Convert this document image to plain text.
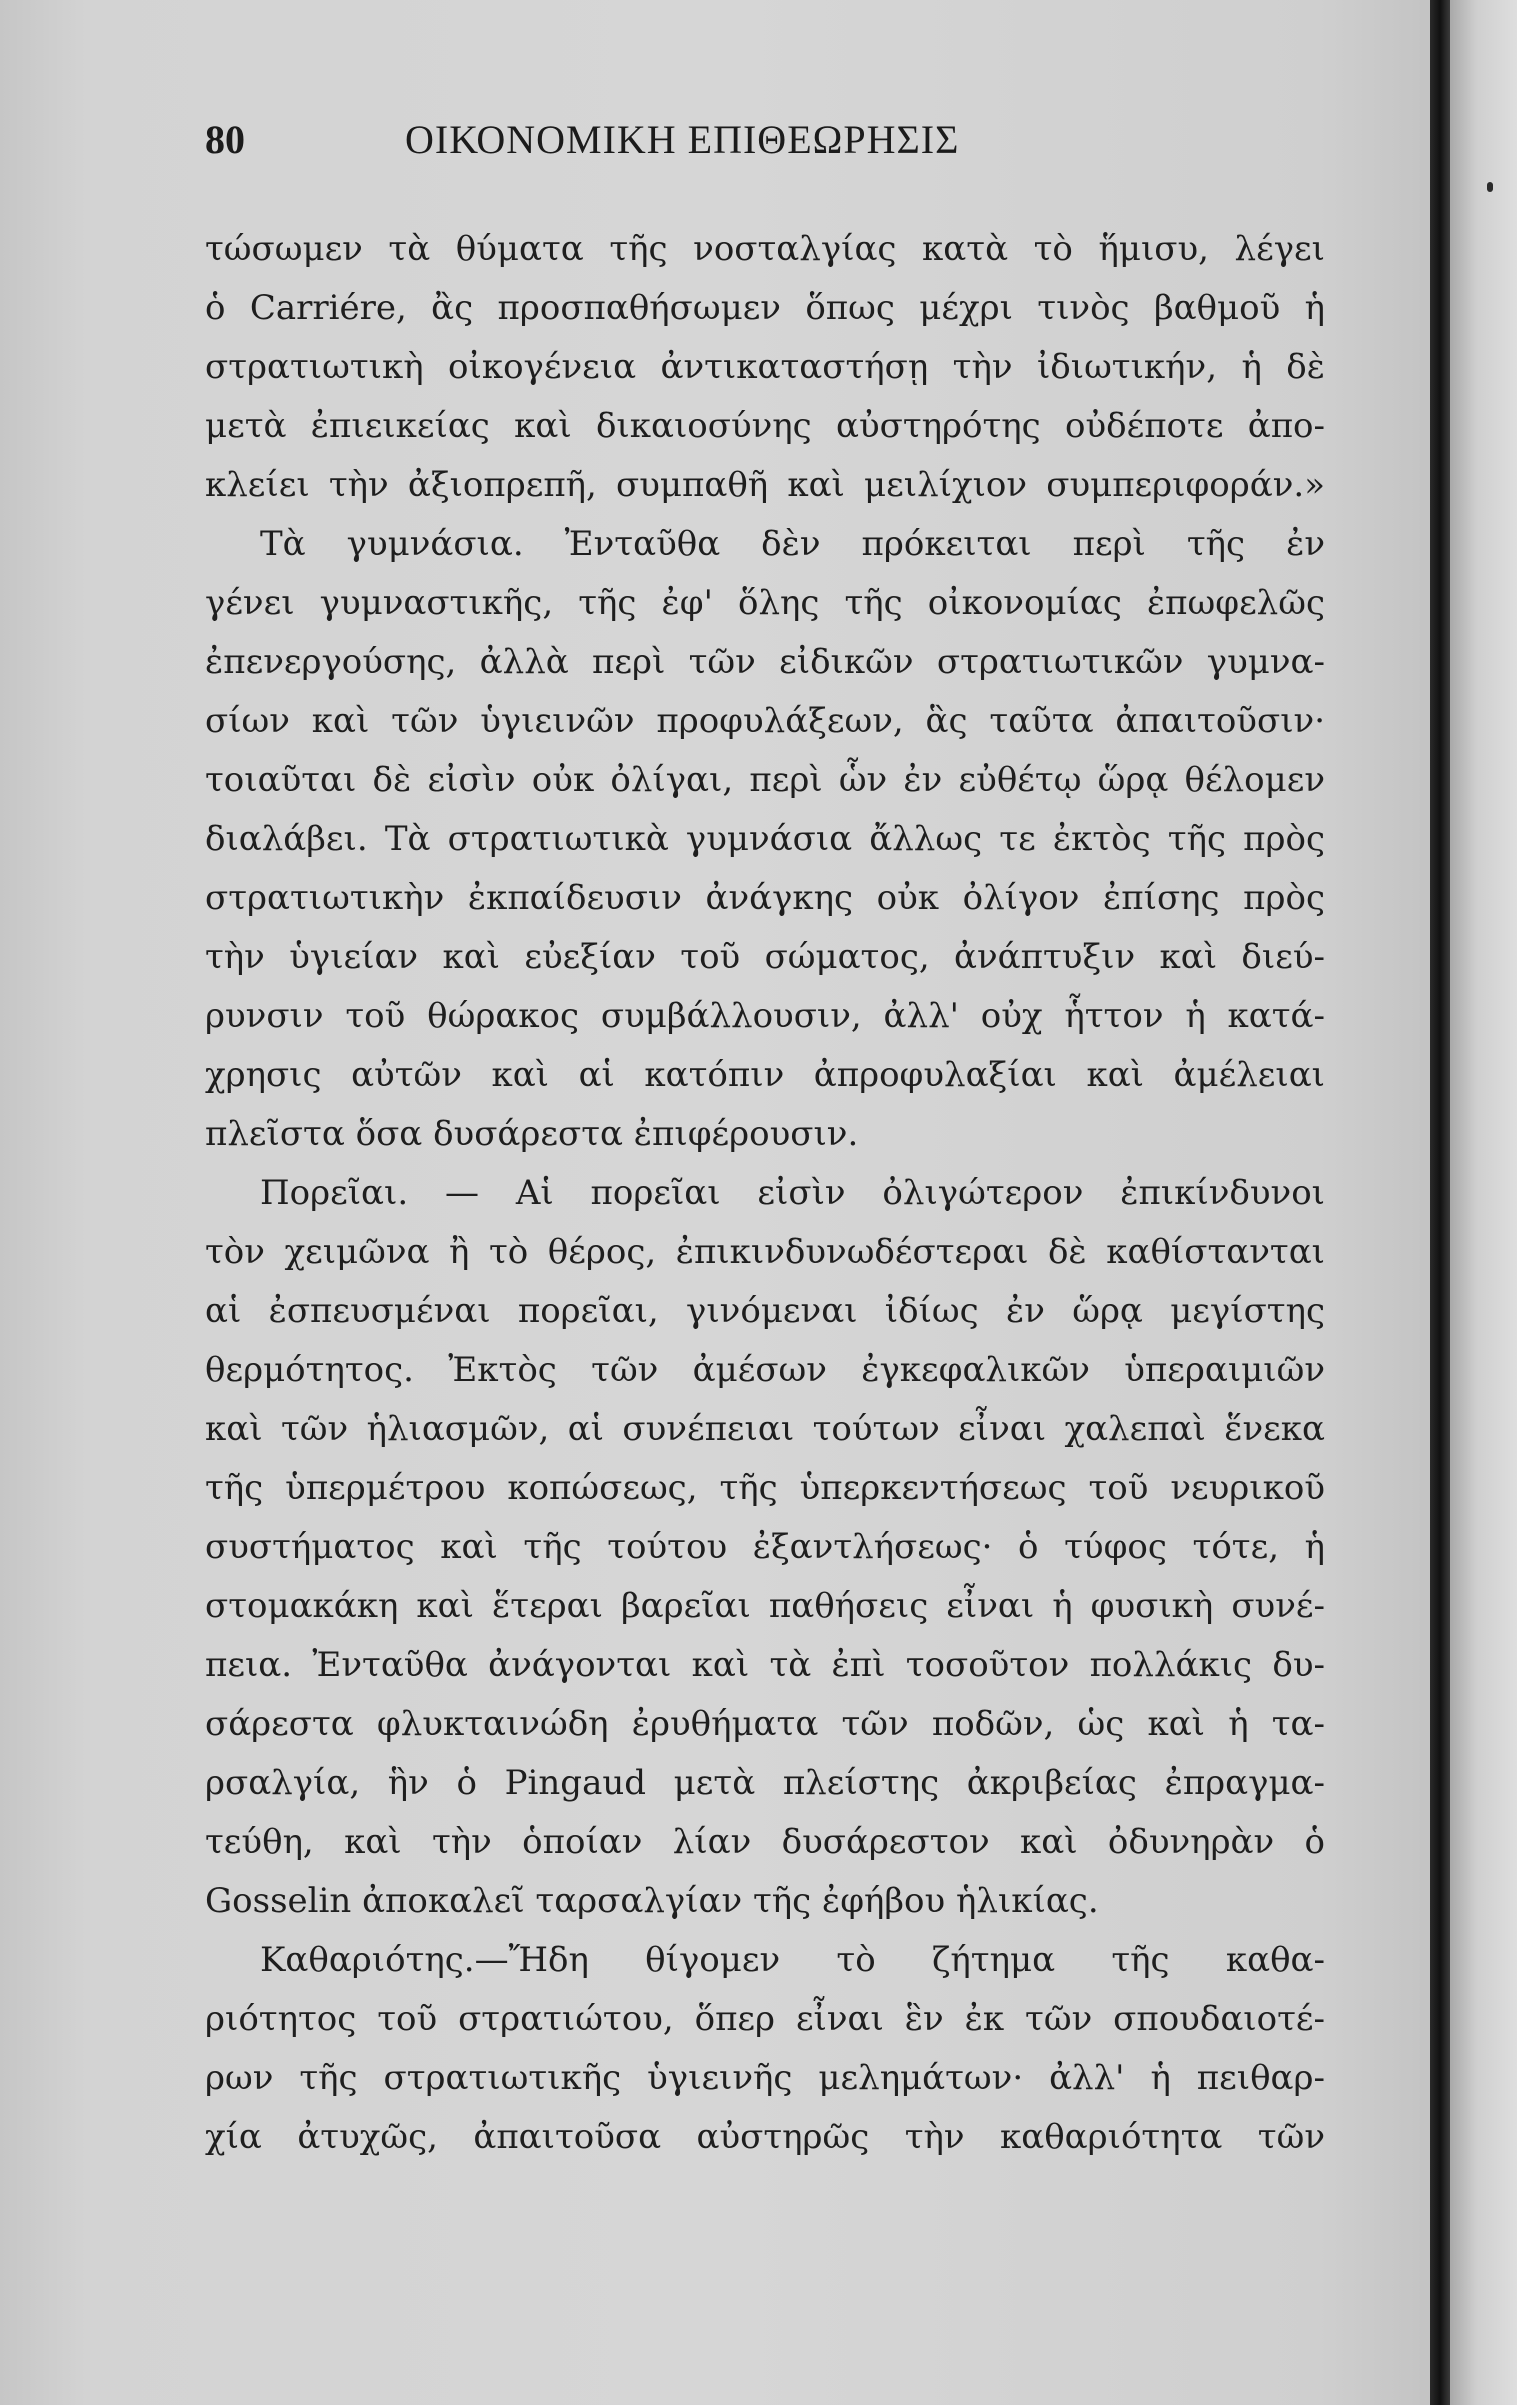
80	ΟΙΚΟΝΟΜΙΚΗ ΕΠΙΘΕΩΡΗΣΙΣ
τώσωμεν τὰ θύματα τῆς νοσταλγίας κατὰ τὸ ἥμισυ, λέγει
ὁ Carriére, ἂς προσπαθήσωμεν ὅπως μέχρι τινὸς βαθμοῦ ἡ
στρατιωτικὴ οἰκογένεια ἀντικαταστήσῃ τὴν ἰδιωτικήν, ἡ δὲ
μετὰ ἐπιεικείας καὶ δικαιοσύνης αὐστηρότης οὐδέποτε ἀπο-
κλείει τὴν ἀξιοπρεπῆ, συμπαθῆ καὶ μειλίχιον συμπεριφοράν.»
Τὰ γυμνάσια. Ἐνταῦθα δὲν πρόκειται περὶ τῆς ἐν
γένει γυμναστικῆς, τῆς ἐφ' ὅλης τῆς οἰκονομίας ἐπωφελῶς
ἐπενεργούσης, ἀλλὰ περὶ τῶν εἰδικῶν στρατιωτικῶν γυμνα-
σίων καὶ τῶν ὑγιεινῶν προφυλάξεων, ἃς ταῦτα ἀπαιτοῦσιν·
τοιαῦται δὲ εἰσὶν οὐκ ὀλίγαι, περὶ ὧν ἐν εὐθέτῳ ὥρᾳ θέλομεν
διαλάβει. Τὰ στρατιωτικὰ γυμνάσια ἄλλως τε ἐκτὸς τῆς πρὸς
στρατιωτικὴν ἐκπαίδευσιν ἀνάγκης οὐκ ὀλίγον ἐπίσης πρὸς
τὴν ὑγιείαν καὶ εὐεξίαν τοῦ σώματος, ἀνάπτυξιν καὶ διεύ-
ρυνσιν τοῦ θώρακος συμβάλλουσιν, ἀλλ' οὐχ ἧττον ἡ κατά-
χρησις αὐτῶν καὶ αἱ κατόπιν ἀπροφυλαξίαι καὶ ἀμέλειαι
πλεῖστα ὅσα δυσάρεστα ἐπιφέρουσιν.
Πορεῖαι. — Αἱ πορεῖαι εἰσὶν ὀλιγώτερον ἐπικίνδυνοι
τὸν χειμῶνα ἢ τὸ θέρος, ἐπικινδυνωδέστεραι δὲ καθίστανται
αἱ ἐσπευσμέναι πορεῖαι, γινόμεναι ἰδίως ἐν ὥρᾳ μεγίστης
θερμότητος. Ἐκτὸς τῶν ἀμέσων ἐγκεφαλικῶν ὑπεραιμιῶν
καὶ τῶν ἡλιασμῶν, αἱ συνέπειαι τούτων εἶναι χαλεπαὶ ἕνεκα
τῆς ὑπερμέτρου κοπώσεως, τῆς ὑπερκεντήσεως τοῦ νευρικοῦ
συστήματος καὶ τῆς τούτου ἐξαντλήσεως· ὁ τύφος τότε, ἡ
στομακάκη καὶ ἕτεραι βαρεῖαι παθήσεις εἶναι ἡ φυσικὴ συνέ-
πεια. Ἐνταῦθα ἀνάγονται καὶ τὰ ἐπὶ τοσοῦτον πολλάκις δυ-
σάρεστα φλυκταινώδη ἐρυθήματα τῶν ποδῶν, ὡς καὶ ἡ τα-
ρσαλγία, ἣν ὁ Pingaud μετὰ πλείστης ἀκριβείας ἐπραγμα-
τεύθη, καὶ τὴν ὁποίαν λίαν δυσάρεστον καὶ ὀδυνηρὰν ὁ
Gosselin ἀποκαλεῖ ταρσαλγίαν τῆς ἐφήβου ἡλικίας.
Καθαριότης.—Ἤδη θίγομεν τὸ ζήτημα τῆς καθα-
ριότητος τοῦ στρατιώτου, ὅπερ εἶναι ἓν ἐκ τῶν σπουδαιοτέ-
ρων τῆς στρατιωτικῆς ὑγιεινῆς μελημάτων· ἀλλ' ἡ πειθαρ-
χία ἀτυχῶς, ἀπαιτοῦσα αὐστηρῶς τὴν καθαριότητα τῶν
